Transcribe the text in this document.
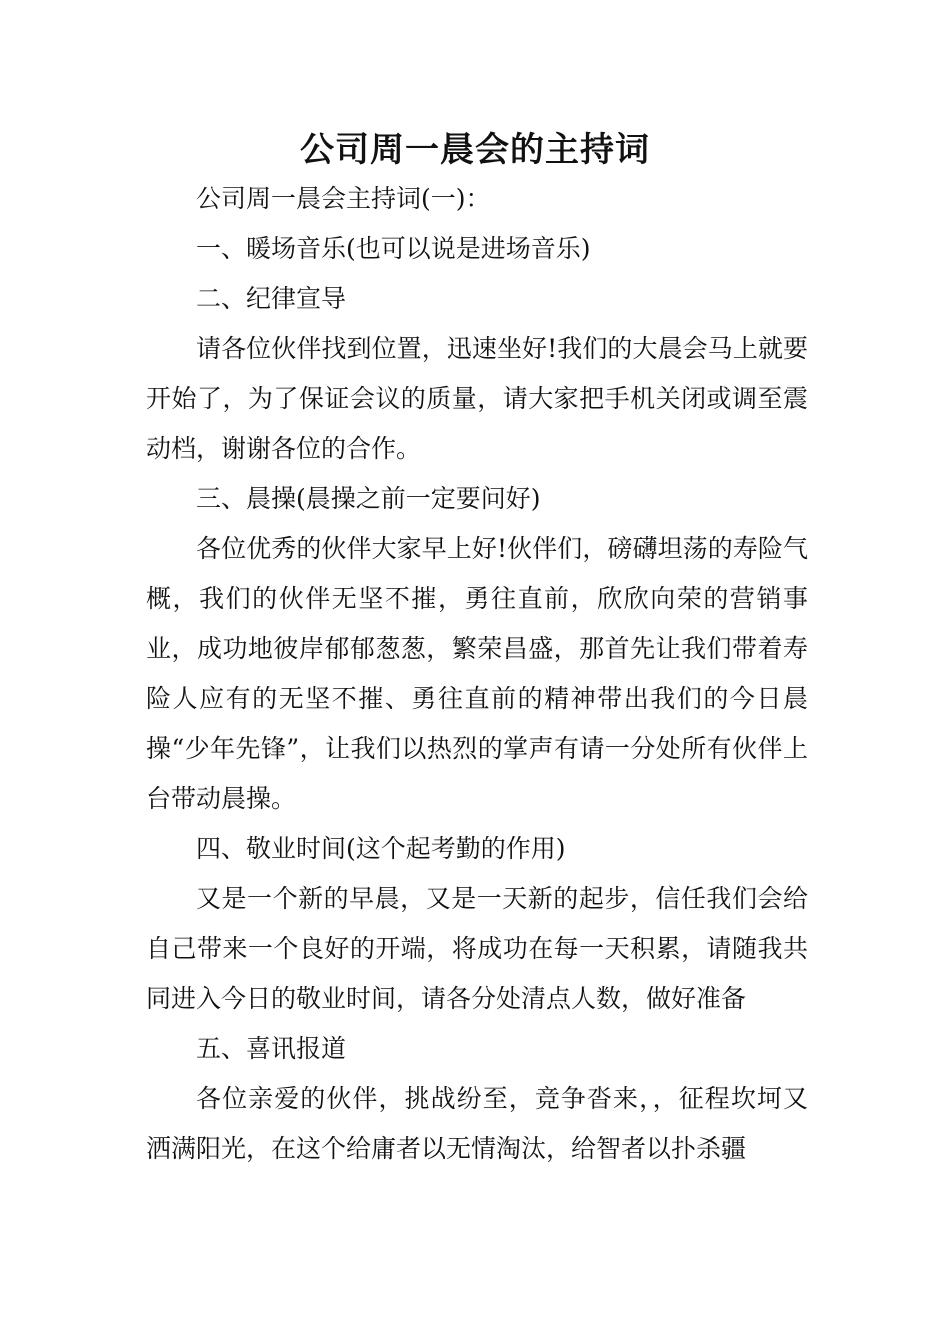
公司周一晨会的主持词

公司周一晨会主持词(一)：

一、暖场音乐(也可以说是进场音乐)

二、纪律宣导

请各位伙伴找到位置，迅速坐好!我们的大晨会马上就要开始了，为了保证会议的质量，请大家把手机关闭或调至震动档，谢谢各位的合作。

三、晨操(晨操之前一定要问好)

各位优秀的伙伴大家早上好!伙伴们，磅礴坦荡的寿险气概，我们的伙伴无坚不摧，勇往直前，欣欣向荣的营销事业，成功地彼岸郁郁葱葱，繁荣昌盛，那首先让我们带着寿险人应有的无坚不摧、勇往直前的精神带出我们的今日晨操“少年先锋”，让我们以热烈的掌声有请一分处所有伙伴上台带动晨操。

四、敬业时间(这个起考勤的作用)

又是一个新的早晨，又是一天新的起步，信任我们会给自己带来一个良好的开端，将成功在每一天积累，请随我共同进入今日的敬业时间，请各分处清点人数，做好准备

五、喜讯报道

各位亲爱的伙伴，挑战纷至，竞争沓来，，征程坎坷又洒满阳光，在这个给庸者以无情淘汰，给智者以扑杀疆
